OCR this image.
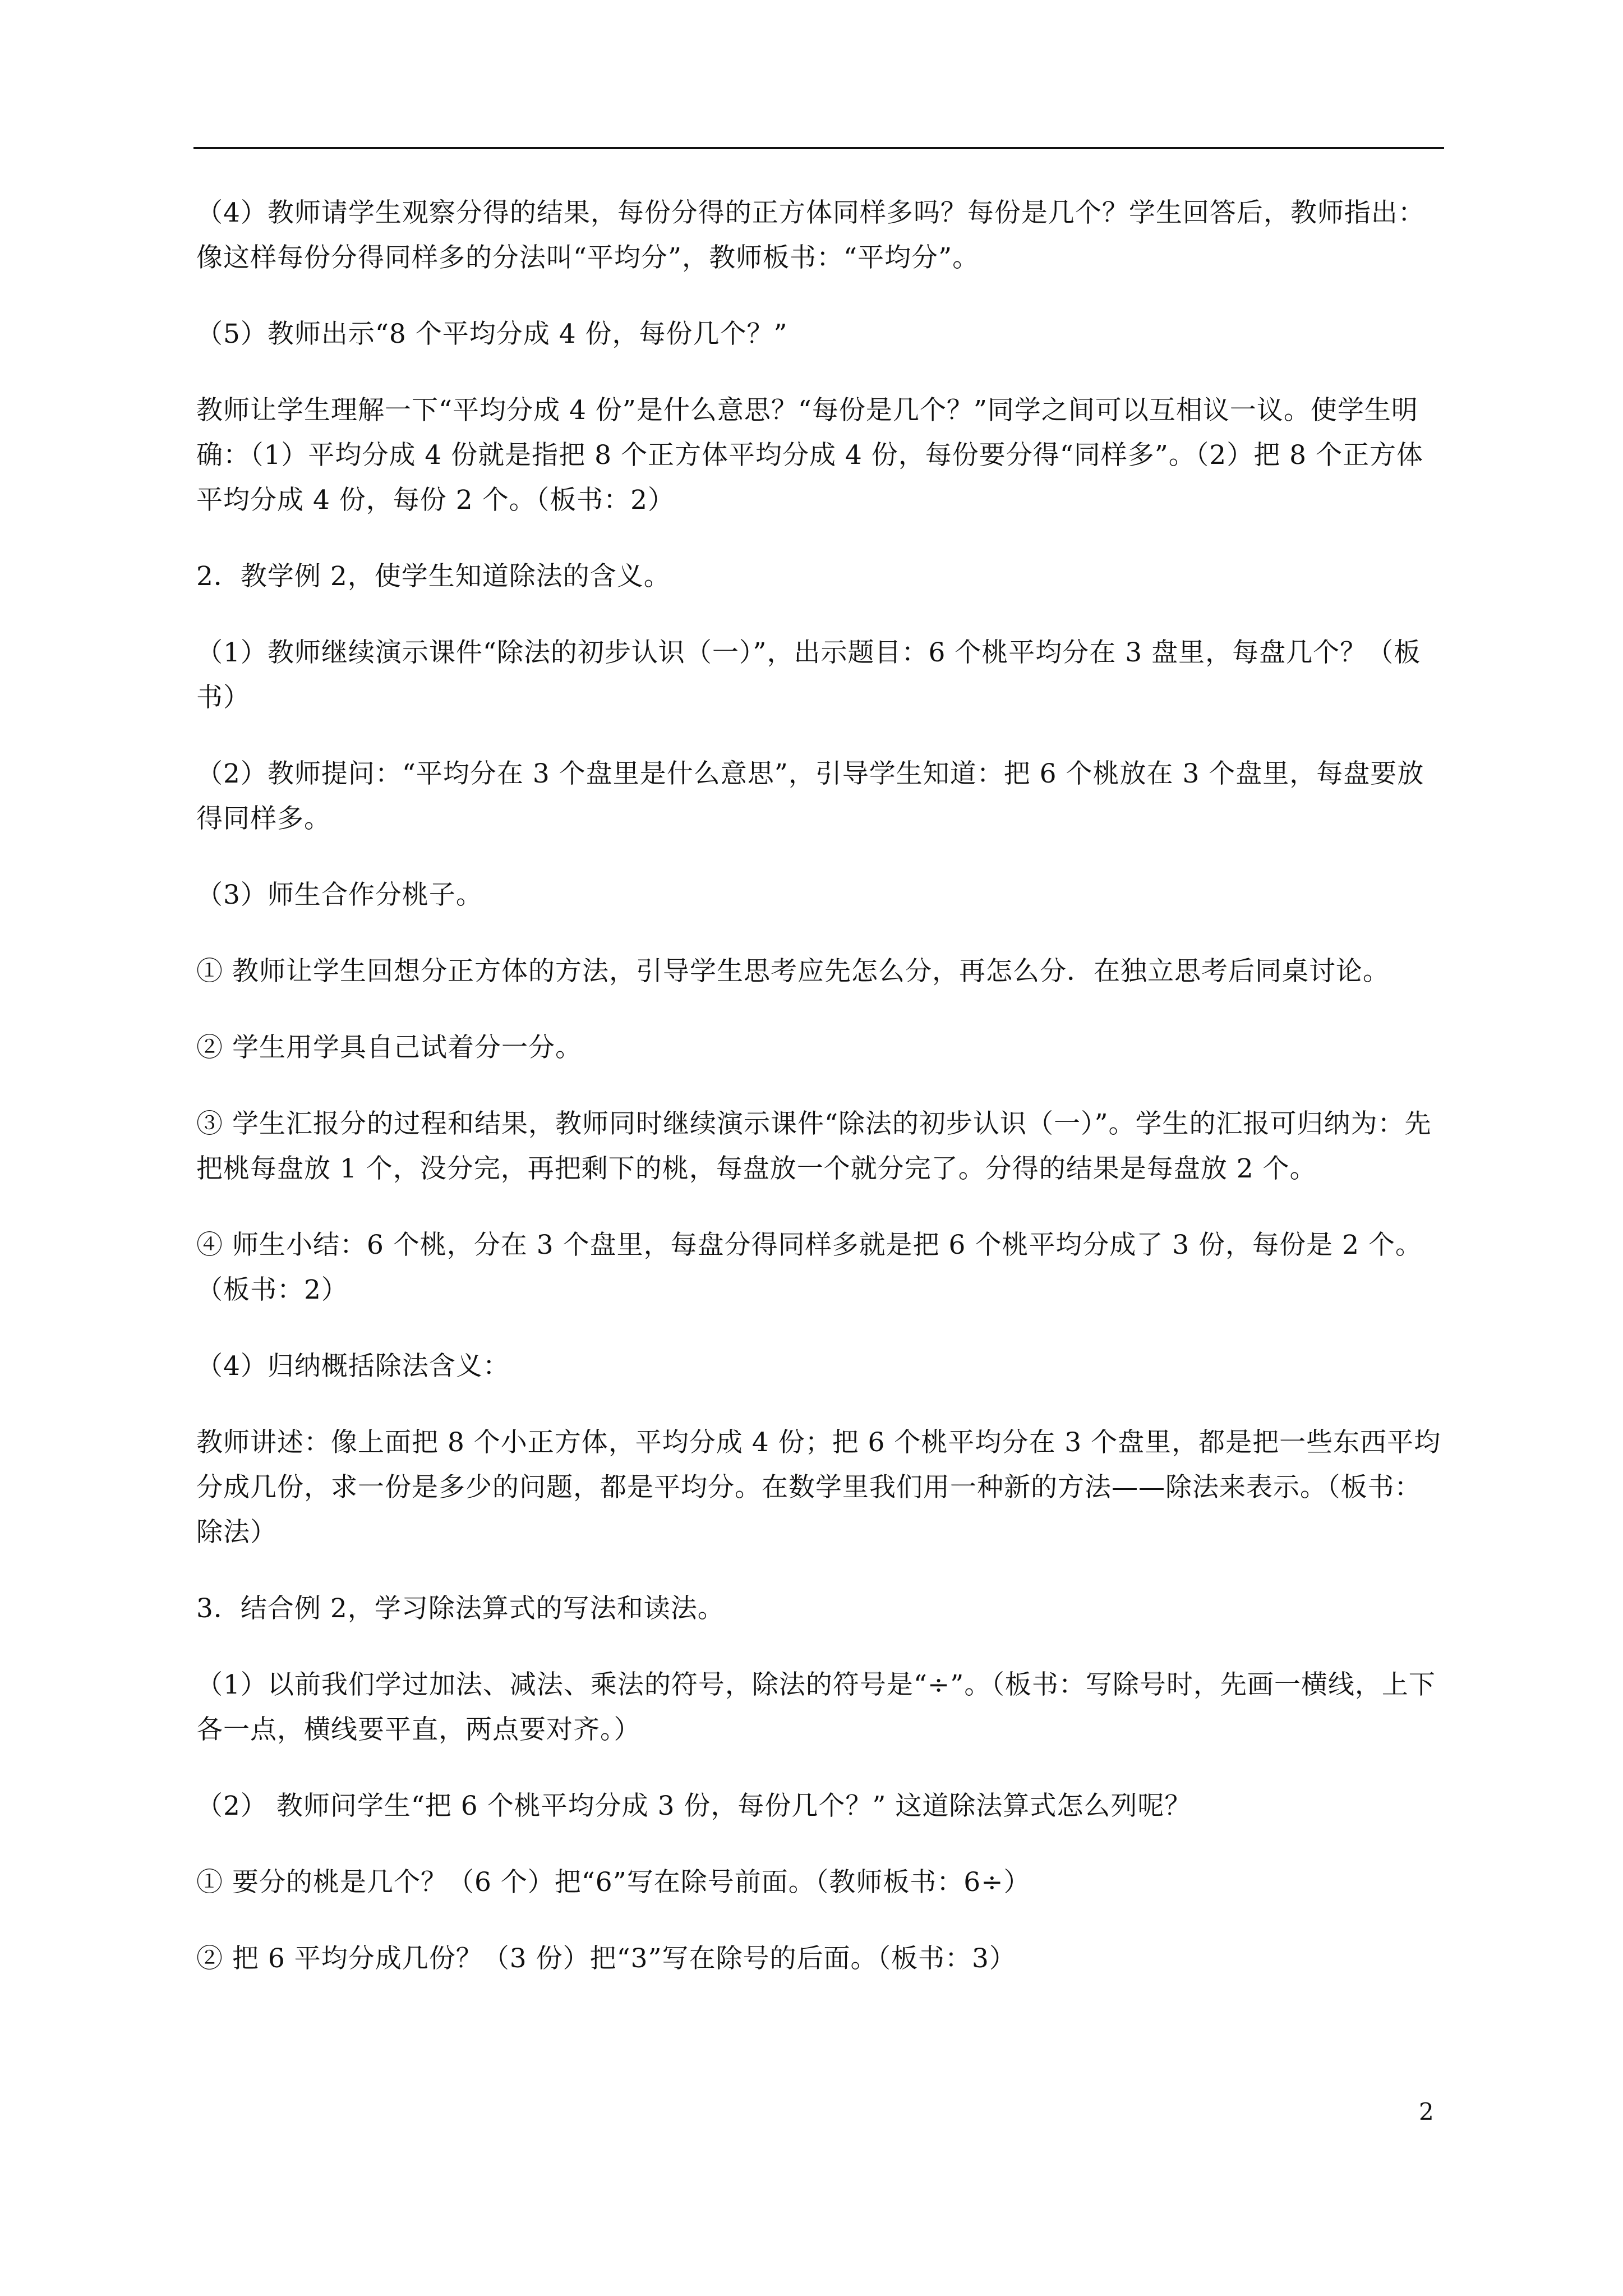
（4）教师请学生观察分得的结果，每份分得的正方体同样多吗？每份是几个？学生回答后，教师指出：像这样每份分得同样多的分法叫“平均分”，教师板书：“平均分”。

（5）教师出示“8 个平均分成 4 份，每份几个？”

教师让学生理解一下“平均分成 4 份”是什么意思？“每份是几个？”同学之间可以互相议一议。使学生明确：（1）平均分成 4 份就是指把 8 个正方体平均分成 4 份，每份要分得“同样多”。（2）把 8 个正方体平均分成 4 份，每份 2 个。（板书：2）

2．教学例 2，使学生知道除法的含义。

（1）教师继续演示课件“除法的初步认识（一）”，出示题目：6 个桃平均分在 3 盘里，每盘几个？（板书）

（2）教师提问：“平均分在 3 个盘里是什么意思”，引导学生知道：把 6 个桃放在 3 个盘里，每盘要放得同样多。

（3）师生合作分桃子。

① 教师让学生回想分正方体的方法，引导学生思考应先怎么分，再怎么分．在独立思考后同桌讨论。

② 学生用学具自己试着分一分。

③ 学生汇报分的过程和结果，教师同时继续演示课件“除法的初步认识（一）”。学生的汇报可归纳为：先把桃每盘放 1 个，没分完，再把剩下的桃，每盘放一个就分完了。分得的结果是每盘放 2 个。

④ 师生小结：6 个桃，分在 3 个盘里，每盘分得同样多就是把 6 个桃平均分成了 3 份，每份是 2 个。（板书：2）

（4）归纳概括除法含义：

教师讲述：像上面把 8 个小正方体，平均分成 4 份；把 6 个桃平均分在 3 个盘里，都是把一些东西平均分成几份，求一份是多少的问题，都是平均分。在数学里我们用一种新的方法——除法来表示。（板书：除法）

3．结合例 2，学习除法算式的写法和读法。

（1）以前我们学过加法、减法、乘法的符号，除法的符号是“÷”。（板书：写除号时，先画一横线，上下各一点，横线要平直，两点要对齐。）

（2） 教师问学生“把 6 个桃平均分成 3 份，每份几个？” 这道除法算式怎么列呢？

① 要分的桃是几个？（6 个）把“6”写在除号前面。（教师板书：6÷）

② 把 6 平均分成几份？（3 份）把“3”写在除号的后面。（板书：3）

2
